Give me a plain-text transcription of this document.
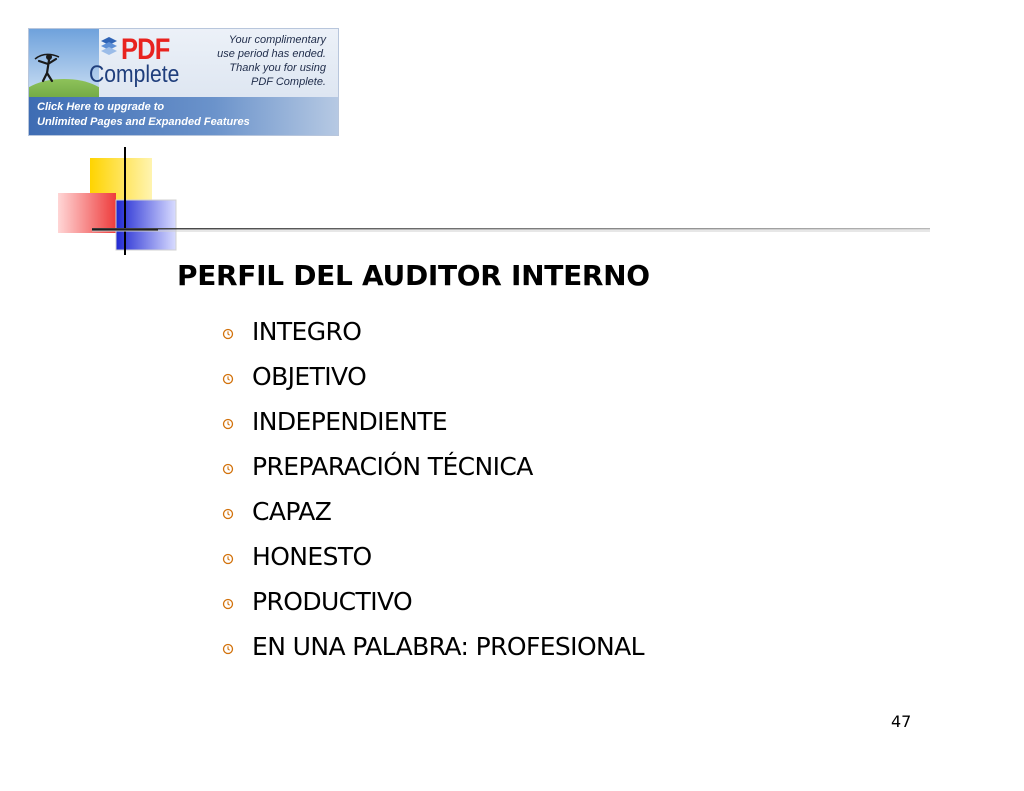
PDF
Complete
Your complimentary
use period has ended.
Thank you for using
PDF Complete.
Click Here to upgrade to
Unlimited Pages and Expanded Features
PERFIL DEL AUDITOR INTERNO
INTEGRO
OBJETIVO
INDEPENDIENTE
PREPARACIÓN TÉCNICA
CAPAZ
HONESTO
PRODUCTIVO
EN UNA PALABRA: PROFESIONAL
47
